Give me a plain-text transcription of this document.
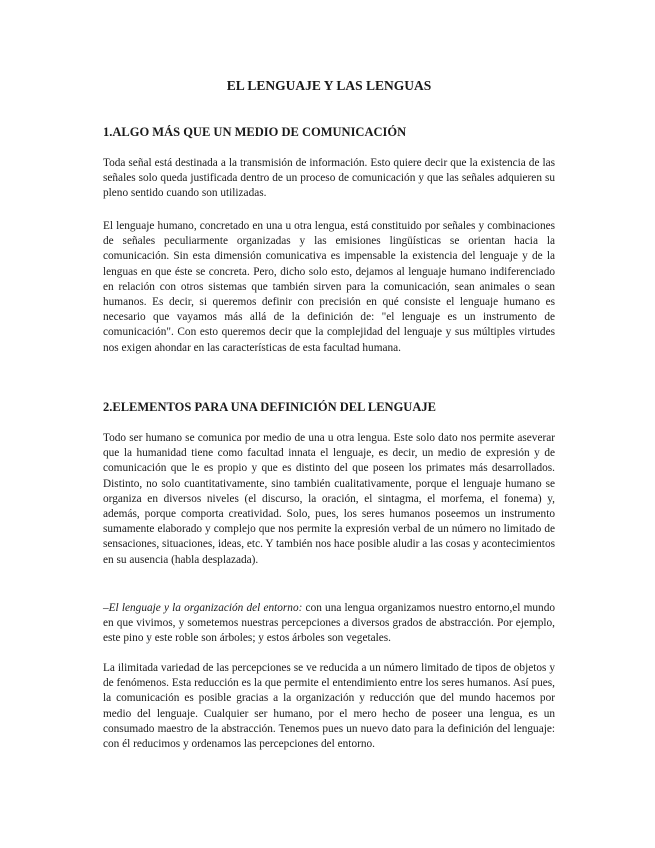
EL LENGUAJE Y LAS LENGUAS
1.ALGO MÁS QUE UN MEDIO DE COMUNICACIÓN

Toda señal está destinada a la transmisión de información. Esto quiere decir que la existencia de las señales solo queda justificada dentro de un proceso de comunicación y que las señales adquieren su pleno sentido cuando son utilizadas.

El lenguaje humano, concretado en una u otra lengua, está constituido por señales y combinaciones de señales peculiarmente organizadas y las emisiones lingüísticas se orientan hacia la comunicación. Sin esta dimensión comunicativa es impensable la existencia del lenguaje y de la lenguas en que éste se concreta. Pero, dicho solo esto, dejamos al lenguaje humano indiferenciado en relación con otros sistemas que también sirven para la comunicación, sean animales o sean humanos. Es decir, si queremos definir con precisión en qué consiste el lenguaje humano es necesario que vayamos más allá de la definición de: "el lenguaje es un instrumento de comunicación". Con esto queremos decir que la complejidad del lenguaje y sus múltiples virtudes nos exigen ahondar en las características de esta facultad humana.

2.ELEMENTOS PARA UNA DEFINICIÓN DEL LENGUAJE

Todo ser humano se comunica por medio de una u otra lengua. Este solo dato nos permite aseverar que la humanidad tiene como facultad innata el lenguaje, es decir, un medio de expresión y de comunicación que le es propio y que es distinto del que poseen los primates más desarrollados. Distinto, no solo cuantitativamente, sino también cualitativamente, porque el lenguaje humano se organiza en diversos niveles (el discurso, la oración, el sintagma, el morfema, el fonema) y, además, porque comporta creatividad. Solo, pues, los seres humanos poseemos un instrumento sumamente elaborado y complejo que nos permite la expresión verbal de un número no limitado de sensaciones, situaciones, ideas, etc. Y también nos hace posible aludir a las cosas y acontecimientos en su ausencia (habla desplazada).

–El lenguaje y la organización del entorno: con una lengua organizamos nuestro entorno,el mundo en que vivimos, y sometemos nuestras percepciones a diversos grados de abstracción. Por ejemplo, este pino y este roble son árboles; y estos árboles son vegetales.

La ilimitada variedad de las percepciones se ve reducida a un número limitado de tipos de objetos y de fenómenos. Esta reducción es la que permite el entendimiento entre los seres humanos. Así pues, la comunicación es posible gracias a la organización y reducción que del mundo hacemos por medio del lenguaje. Cualquier ser humano, por el mero hecho de poseer una lengua, es un consumado maestro de la abstracción. Tenemos pues un nuevo dato para la definición del lenguaje: con él reducimos y ordenamos las percepciones del entorno.
